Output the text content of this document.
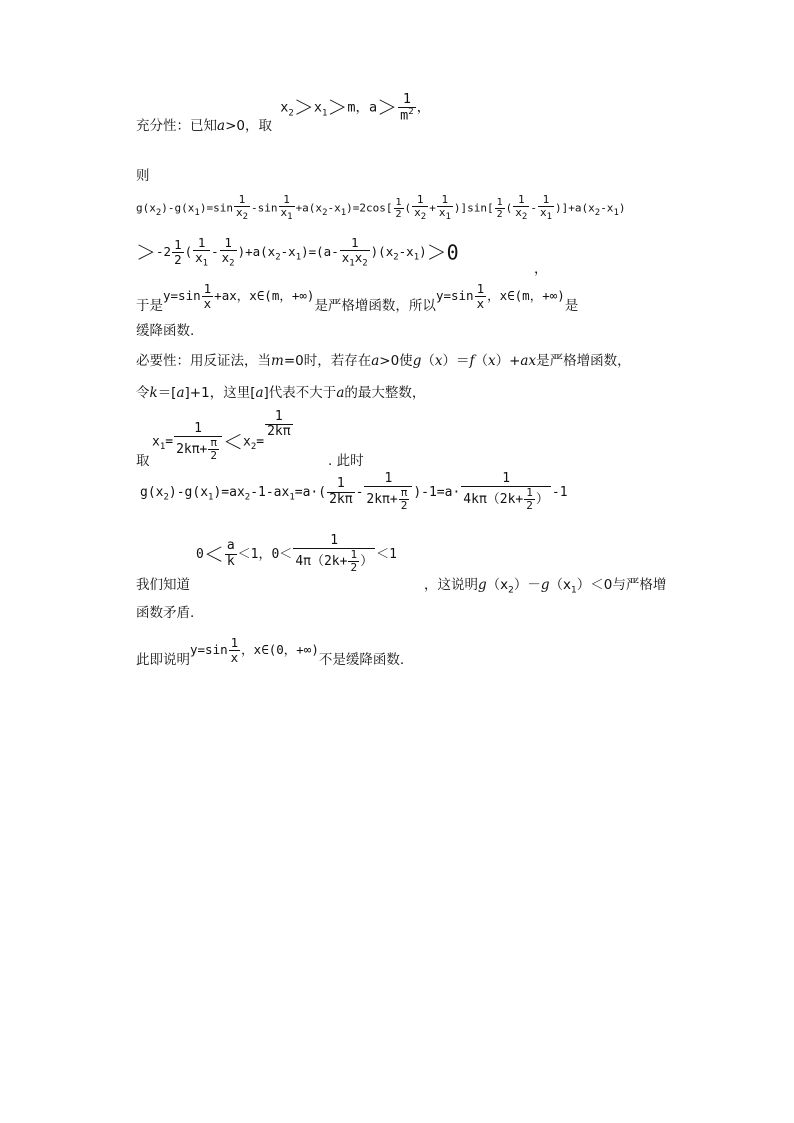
充分性：已知a>0，取 $x_2>x_1>m$，$a> \frac{1}{m^2}$ ，
则
$g(x_2)-g(x_1)=\sin \frac{1}{x_2} -\sin \frac{1}{x_1} +a(x_2-x_1)=2\cos[ \frac{1}{2}$ ( $\frac{1}{x_2} + \frac{1}{x_1} )]\sin[ \frac{1}{2}$ ( $\frac{1}{x_2} - \frac{1}{x_1} )]+a(x_2-x_1)$
$>-2 \frac{1}{2}$ ( $\frac{1}{x_1} - \frac{1}{x_2} )+a(x_2-x_1)=(a- \frac{1}{x_1x_2} )(x_2-x_1)>0$
，
于是$y=\sin \frac{1}{x} +ax$，x∈(m，+∞)是严格增函数，所以$y=\sin \frac{1}{x}$ ，x∈(m，+∞)是
缓降函数.
必要性：用反证法，当m=0时，若存在a>0使g（x）＝f（x）+ax是严格增函数，
令k＝[a]+1，这里[a]代表不大于a的最大整数，
$x_1= \frac{1}{2k\pi+ \frac{\pi}{2}} <x_2=$
$\frac{1}{2k\pi}$
取	. 此时
$g(x_2)-g(x_1)=ax_2-1-ax_1=a\cdot( \frac{1}{2k\pi} - \frac{1}{2k\pi+ \frac{\pi}{2}} )-1=a\cdot \frac{1}{4k\pi(2k+ \frac{1}{2} )} -1$
$0< \frac{a}{k} <1$，$0< \frac{1}{4\pi(2k+ \frac{1}{2} )} <1$
我们知道	，这说明$g(x_2)-g(x_1)<0$与严格增
函数矛盾.
此即说明$y=\sin \frac{1}{x}$ ，x∈(0，+∞)不是缓降函数.
